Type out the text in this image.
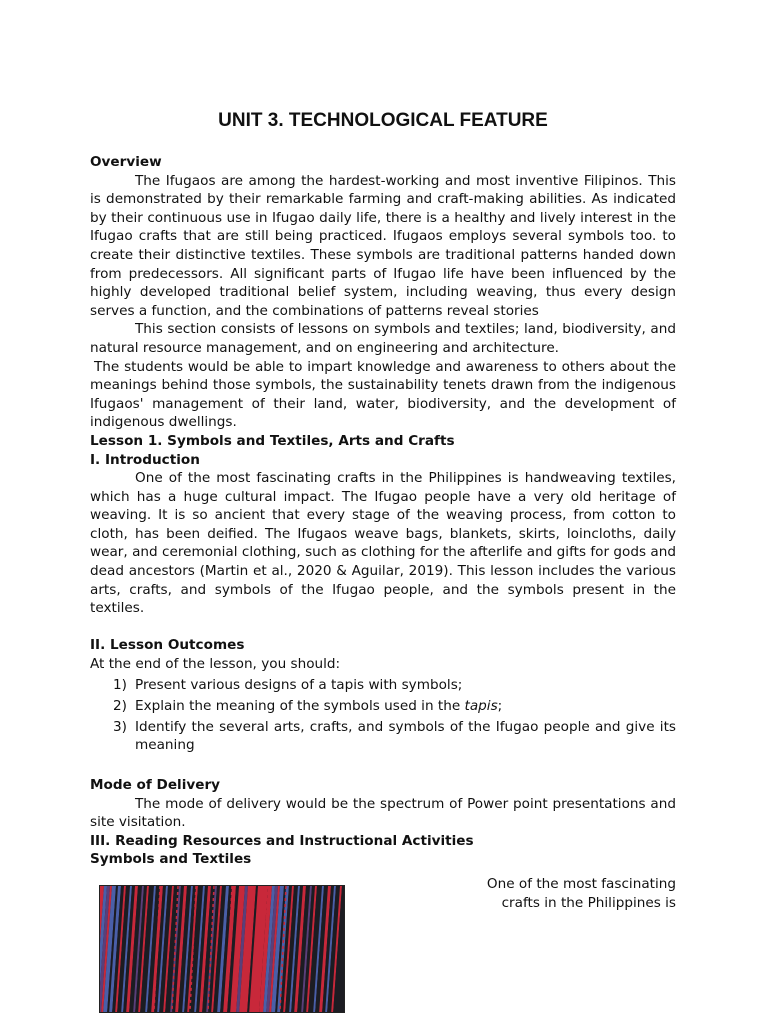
UNIT 3. TECHNOLOGICAL FEATURE

Overview

The Ifugaos are among the hardest-working and most inventive Filipinos. This is demonstrated by their remarkable farming and craft-making abilities. As indicated by their continuous use in Ifugao daily life, there is a healthy and lively interest in the Ifugao crafts that are still being practiced. Ifugaos employs several symbols too. to create their distinctive textiles. These symbols are traditional patterns handed down from predecessors. All significant parts of Ifugao life have been influenced by the highly developed traditional belief system, including weaving, thus every design serves a function, and the combinations of patterns reveal stories

This section consists of lessons on symbols and textiles; land, biodiversity, and natural resource management, and on engineering and architecture.

The students would be able to impart knowledge and awareness to others about the meanings behind those symbols, the sustainability tenets drawn from the indigenous Ifugaos' management of their land, water, biodiversity, and the development of indigenous dwellings.

Lesson 1. Symbols and Textiles, Arts and Crafts

I. Introduction

One of the most fascinating crafts in the Philippines is handweaving textiles, which has a huge cultural impact. The Ifugao people have a very old heritage of weaving. It is so ancient that every stage of the weaving process, from cotton to cloth, has been deified. The Ifugaos weave bags, blankets, skirts, loincloths, daily wear, and ceremonial clothing, such as clothing for the afterlife and gifts for gods and dead ancestors (Martin et al., 2020 & Aguilar, 2019). This lesson includes the various arts, crafts, and symbols of the Ifugao people, and the symbols present in the textiles.

II. Lesson Outcomes

At the end of the lesson, you should:

1) Present various designs of a tapis with symbols;
2) Explain the meaning of the symbols used in the tapis;
3) Identify the several arts, crafts, and symbols of the Ifugao people and give its meaning

Mode of Delivery

The mode of delivery would be the spectrum of Power point presentations and site visitation.

III. Reading Resources and Instructional Activities

Symbols and Textiles

One of the most fascinating crafts in the Philippines is
